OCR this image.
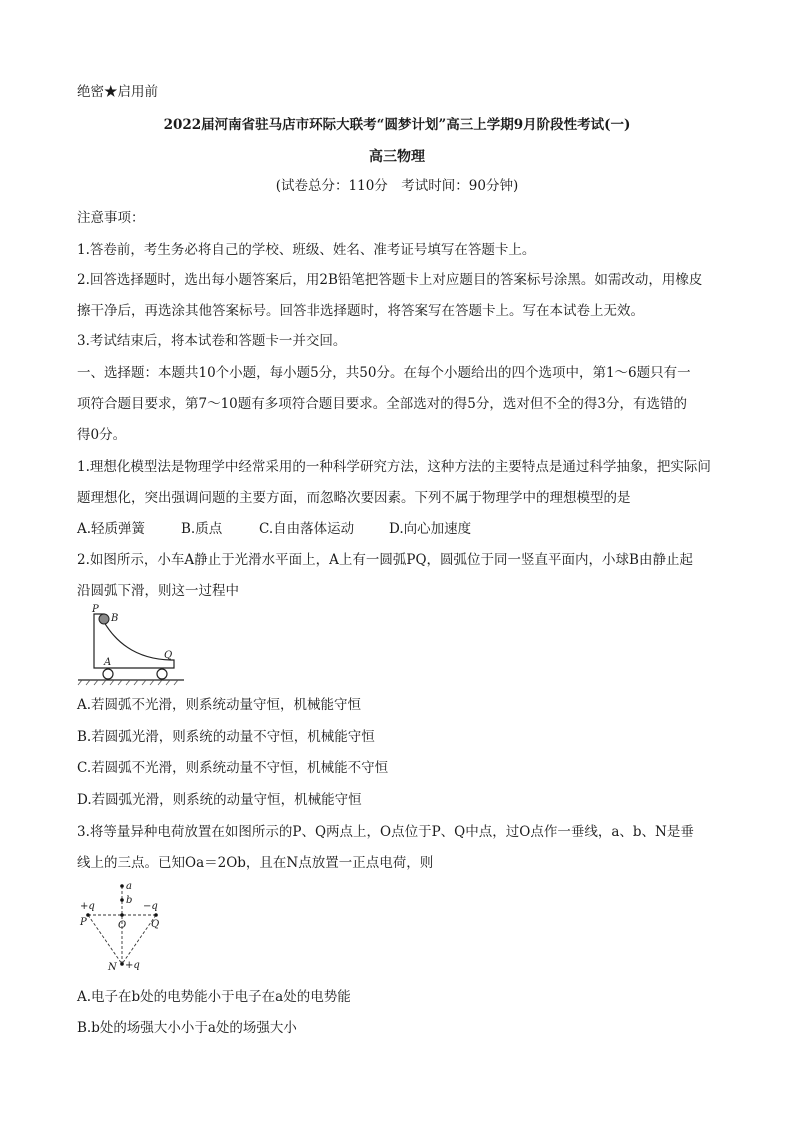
绝密★启用前
2022届河南省驻马店市环际大联考“圆梦计划”高三上学期9月阶段性考试(一)
高三物理
(试卷总分：110分　考试时间：90分钟)
注意事项：
1.答卷前，考生务必将自己的学校、班级、姓名、准考证号填写在答题卡上。
2.回答选择题时，选出每小题答案后，用2B铅笔把答题卡上对应题目的答案标号涂黑。如需改动，用橡皮
擦干净后，再选涂其他答案标号。回答非选择题时，将答案写在答题卡上。写在本试卷上无效。
3.考试结束后，将本试卷和答题卡一并交回。
一、选择题：本题共10个小题，每小题5分，共50分。在每个小题给出的四个选项中，第1～6题只有一
项符合题目要求，第7～10题有多项符合题目要求。全部选对的得5分，选对但不全的得3分，有选错的
得0分。
1.理想化模型法是物理学中经常采用的一种科学研究方法，这种方法的主要特点是通过科学抽象，把实际问
题理想化，突出强调问题的主要方面，而忽略次要因素。下列不属于物理学中的理想模型的是
A.轻质弹簧	B.质点	C.自由落体运动	D.向心加速度
2.如图所示，小车A静止于光滑水平面上，A上有一圆弧PQ，圆弧位于同一竖直平面内，小球B由静止起
沿圆弧下滑，则这一过程中
P
B
A
Q
A.若圆弧不光滑，则系统动量守恒，机械能守恒
B.若圆弧光滑，则系统的动量不守恒，机械能守恒
C.若圆弧不光滑，则系统动量不守恒，机械能不守恒
D.若圆弧光滑，则系统的动量守恒，机械能守恒
3.将等量异种电荷放置在如图所示的P、Q两点上，O点位于P、Q中点，过O点作一垂线，a、b、N是垂
线上的三点。已知Oa＝2Ob，且在N点放置一正点电荷，则
a
b
+q	−q
P	O Q
N +q
A.电子在b处的电势能小于电子在a处的电势能
B.b处的场强大小小于a处的场强大小
